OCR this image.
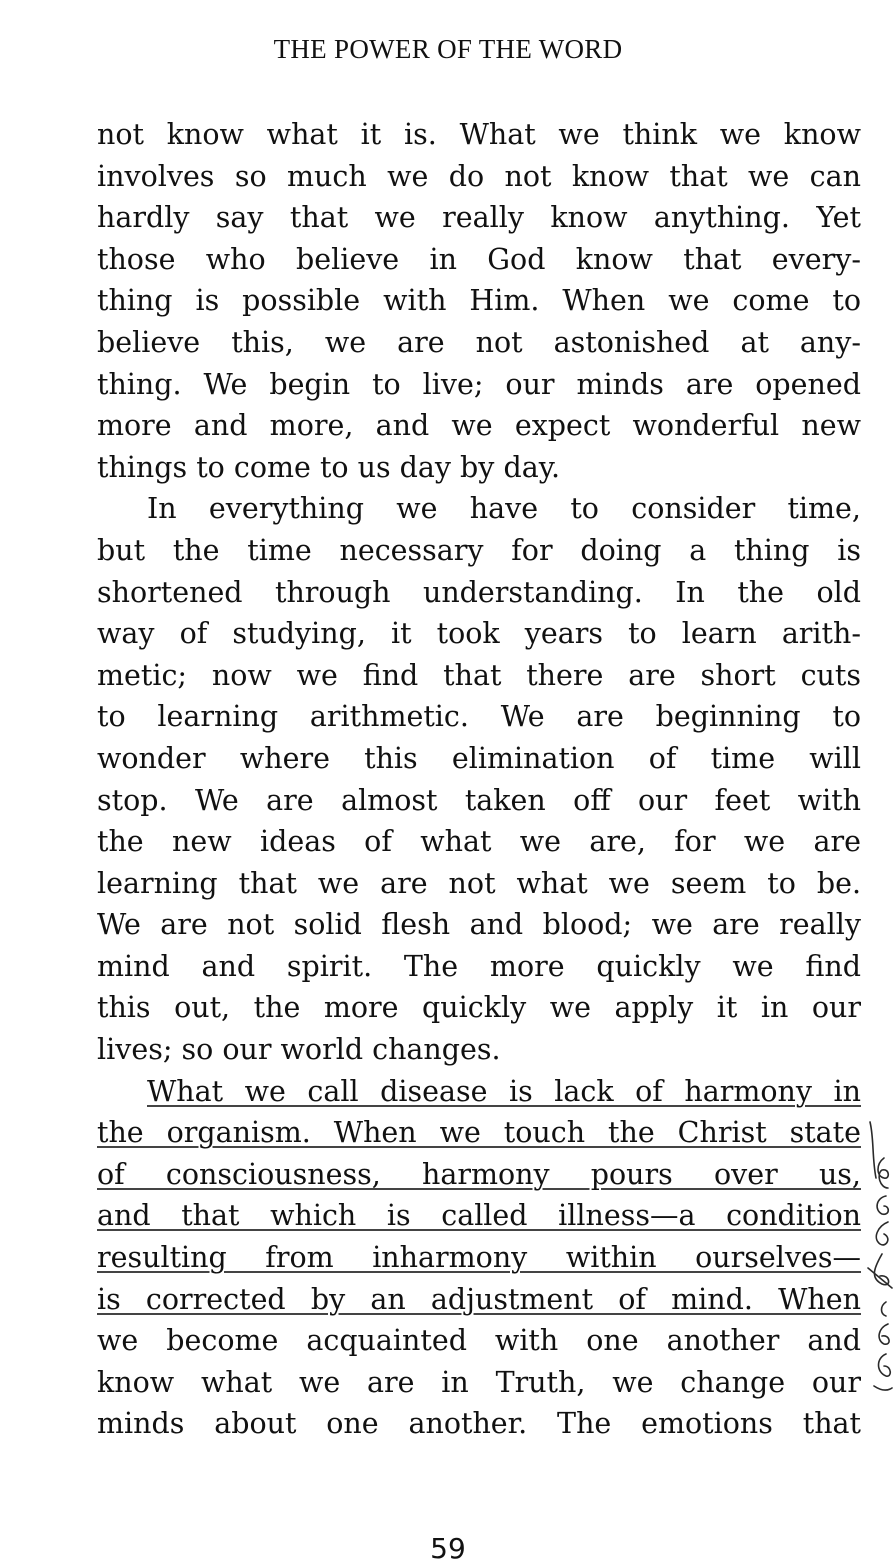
THE POWER OF THE WORD
not know what it is. What we think we know
involves so much we do not know that we can
hardly say that we really know anything. Yet
those who believe in God know that every-
thing is possible with Him. When we come to
believe this, we are not astonished at any-
thing. We begin to live; our minds are opened
more and more, and we expect wonderful new
things to come to us day by day.
In everything we have to consider time,
but the time necessary for doing a thing is
shortened through understanding. In the old
way of studying, it took years to learn arith-
metic; now we find that there are short cuts
to learning arithmetic. We are beginning to
wonder where this elimination of time will
stop. We are almost taken off our feet with
the new ideas of what we are, for we are
learning that we are not what we seem to be.
We are not solid flesh and blood; we are really
mind and spirit. The more quickly we find
this out, the more quickly we apply it in our
lives; so our world changes.
What we call disease is lack of harmony in
the organism. When we touch the Christ state
of consciousness, harmony pours over us,
and that which is called illness—a condition
resulting from inharmony within ourselves—
is corrected by an adjustment of mind. When
we become acquainted with one another and
know what we are in Truth, we change our
minds about one another. The emotions that
59
